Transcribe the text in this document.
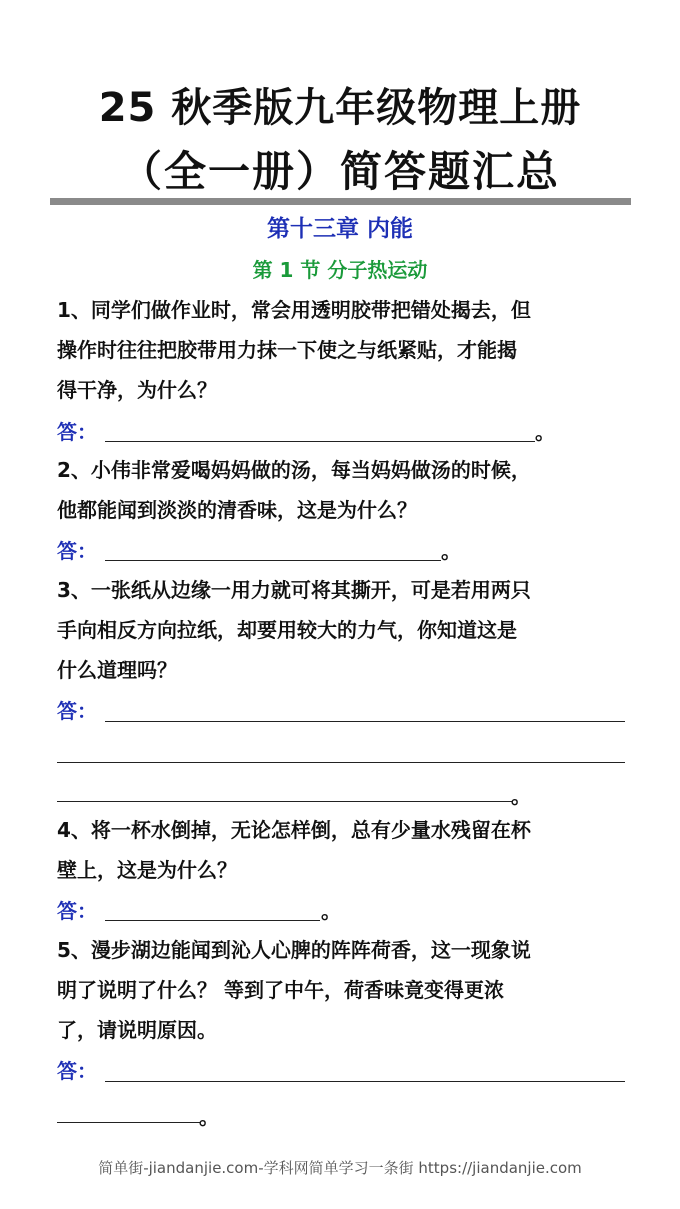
25 秋季版九年级物理上册
（全一册）简答题汇总
第十三章 内能
第 1 节 分子热运动
1、同学们做作业时，常会用透明胶带把错处揭去，但
操作时往往把胶带用力抹一下使之与纸紧贴，才能揭
得干净，为什么？
答：	。
2、小伟非常爱喝妈妈做的汤，每当妈妈做汤的时候，
他都能闻到淡淡的清香味，这是为什么？
答：	。
3、一张纸从边缘一用力就可将其撕开，可是若用两只
手向相反方向拉纸，却要用较大的力气，你知道这是
什么道理吗？
答：
。
4、将一杯水倒掉，无论怎样倒，总有少量水残留在杯
壁上，这是为什么？
答：	。
5、漫步湖边能闻到沁人心脾的阵阵荷香，这一现象说
明了说明了什么？ 等到了中午，荷香味竟变得更浓
了，请说明原因。
答：
。
简单街-jiandanjie.com-学科网简单学习一条街 https://jiandanjie.com
